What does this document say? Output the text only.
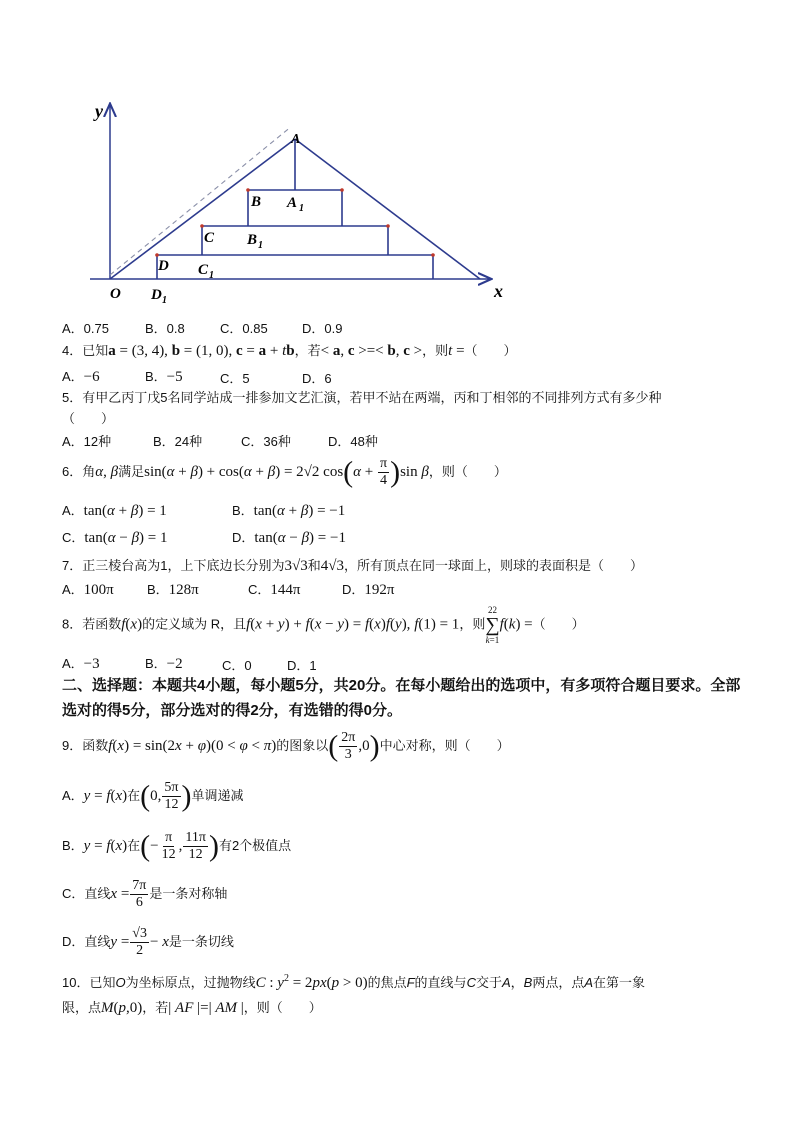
y
x
O
A
B A 1
C B 1
D C 1
D 1
A．0.75	B．0.8	C．0.85	D．0.9
4．已知a = (3, 4), b = (1, 0), c = a + tb，若< a, c >=< b, c >，则t =（　　）
A．−6	B．−5	C．5	D．6
5．有甲乙丙丁戊5名同学站成一排参加文艺汇演，若甲不站在两端，丙和丁相邻的不同排列方式有多少种
（　　）
A．12种	B．24种	C．36种	D．48种
6．角α, β满足sin(α + β) + cos(α + β) = 2√2 $\cos(\alpha + \frac{\pi}{4} )\sin$ β，则（　　）
A．tan(α + β) = 1	B．tan(α + β) = −1
C．tan(α − β) = 1	D．tan(α − β) = −1
7．正三棱台高为1，上下底边长分别为3√3和4√3，所有顶点在同一球面上，则球的表面积是（　　）
A．100π	B．128π	C．144π	D．192π
8．若函数f(x)的定义域为 R，且f(x + y) + f(x − y) = f(x)f(y), f(1) = 1，则
22
∑
k=1
f(k) =（　　）
A．−3	B．−2	C．0	D．1
二、选择题：本题共4小题，每小题5分，共20分。在每小题给出的选项中，有多项符合题目要求。全部选对的得5分，部分选对的得2分，有选错的得0分。
9．函数f(x) = sin(2x + φ)(0 < φ < π)的图象以( $\frac{2\pi}{3} ,0$)中心对称，则（　　）
A．y = f(x)在(0, $\frac{5\pi}{12}$ )单调递减
B．y = f(x)在(− $\frac{\pi}{12}$ , $\frac{11\pi}{12}$ )有2个极值点
C．直线$x = \frac{7\pi}{6}$ 是一条对称轴
D．直线$y = \frac{√3}{2} - x$是一条切线
10．已知O为坐标原点，过抛物线C : $y^2 = 2px(p > 0)$的焦点F的直线与C交于A，B两点，点A在第一象
限，点M(p,0)，若| AF |=| AM |，则（　　）
